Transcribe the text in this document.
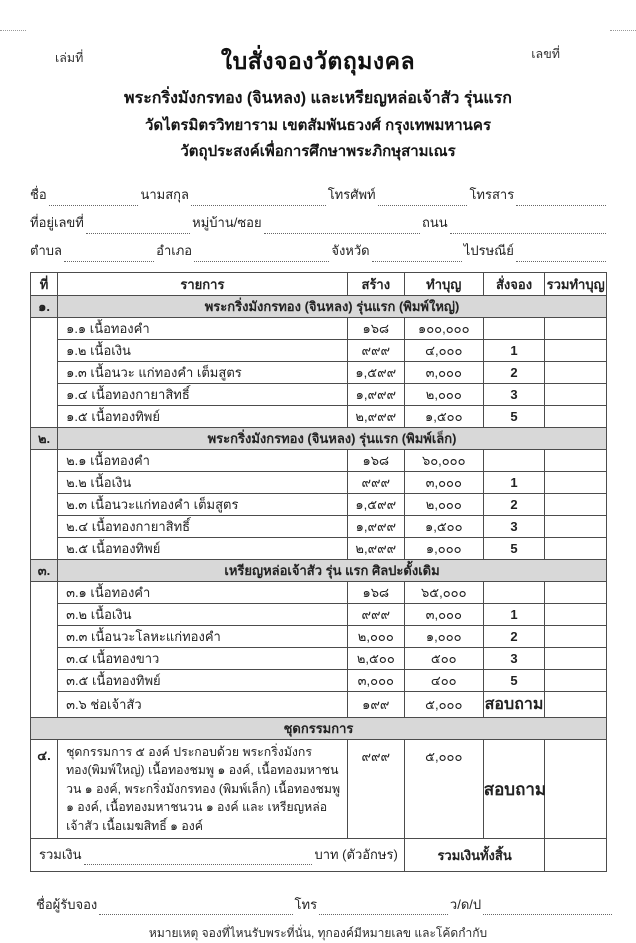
เล่มที่	เลขที่
ใบสั่งจองวัตถุมงคล
พระกริ่งมังกรทอง (จินหลง) และเหรียญหล่อเจ้าสัว รุ่นแรก
วัดไตรมิตรวิทยาราม เขตสัมพันธวงศ์ กรุงเทพมหานคร
วัตถุประสงค์เพื่อการศึกษาพระภิกษุสามเณร
ชื่อ	นามสกุล	โทรศัพท์	โทรสาร
ที่อยู่เลขที่	หมู่บ้าน/ซอย	ถนน
ตำบล	อำเภอ	จังหวัด	ไปรษณีย์
ที่	รายการ	สร้าง	ทำบุญ	สั่งจอง	รวมทำบุญ
๑.	พระกริ่งมังกรทอง (จินหลง) รุ่นแรก (พิมพ์ใหญ่)				
	๑.๑ เนื้อทองคำ	๑๖๘	๑๐๐,๐๐๐		
	๑.๒ เนื้อเงิน	๙๙๙	๔,๐๐๐	1	
	๑.๓ เนื้อนวะ แก่ทองคำ เต็มสูตร	๑,๕๙๙	๓,๐๐๐	2	
	๑.๔ เนื้อทองกายาสิทธิ์	๑,๙๙๙	๒,๐๐๐	3	
	๑.๕ เนื้อทองทิพย์	๒,๙๙๙	๑,๕๐๐	5	
๒.	พระกริ่งมังกรทอง (จินหลง) รุ่นแรก (พิมพ์เล็ก)				
	๒.๑ เนื้อทองคำ	๑๖๘	๖๐,๐๐๐		
	๒.๒ เนื้อเงิน	๙๙๙	๓,๐๐๐	1	
	๒.๓ เนื้อนวะแก่ทองคำ เต็มสูตร	๑,๕๙๙	๒,๐๐๐	2	
	๒.๔ เนื้อทองกายาสิทธิ์	๑,๙๙๙	๑,๕๐๐	3	
	๒.๕ เนื้อทองทิพย์	๒,๙๙๙	๑,๐๐๐	5	
๓.	เหรียญหล่อเจ้าสัว รุ่น แรก ศิลปะดั้งเดิม				
	๓.๑ เนื้อทองคำ	๑๖๘	๖๕,๐๐๐		
	๓.๒ เนื้อเงิน	๙๙๙	๓,๐๐๐	1	
	๓.๓ เนื้อนวะโลหะแก่ทองคำ	๒,๐๐๐	๑,๐๐๐	2	
	๓.๔ เนื้อทองขาว	๒,๕๐๐	๕๐๐	3	
	๓.๕ เนื้อทองทิพย์	๓,๐๐๐	๔๐๐	5	
	๓.๖ ช่อเจ้าสัว	๑๙๙	๕,๐๐๐	สอบถาม	
ชุดกรรมการ					
๔.	ชุดกรรมการ ๕ องค์ ประกอบด้วย พระกริ่งมังกรทอง(พิมพ์ใหญ่) เนื้อทองชมพู ๑ องค์, เนื้อทองมหาชนวน ๑ องค์, พระกริ่งมังกรทอง (พิมพ์เล็ก) เนื้อทองชมพู ๑ องค์, เนื้อทองมหาชนวน ๑ องค์ และ เหรียญหล่อเจ้าสัว เนื้อเมฆสิทธิ์ ๑ องค์	๙๙๙	๕,๐๐๐	สอบถาม	

รวมเงิน บาท (ตัวอักษร)			รวมเงินทั้งสิ้น		
ชื่อผู้รับจอง	โทร	ว/ด/ป
หมายเหตุ จองที่ไหนรับพระที่นั่น, ทุกองค์มีหมายเลข และโค้ดกำกับ
